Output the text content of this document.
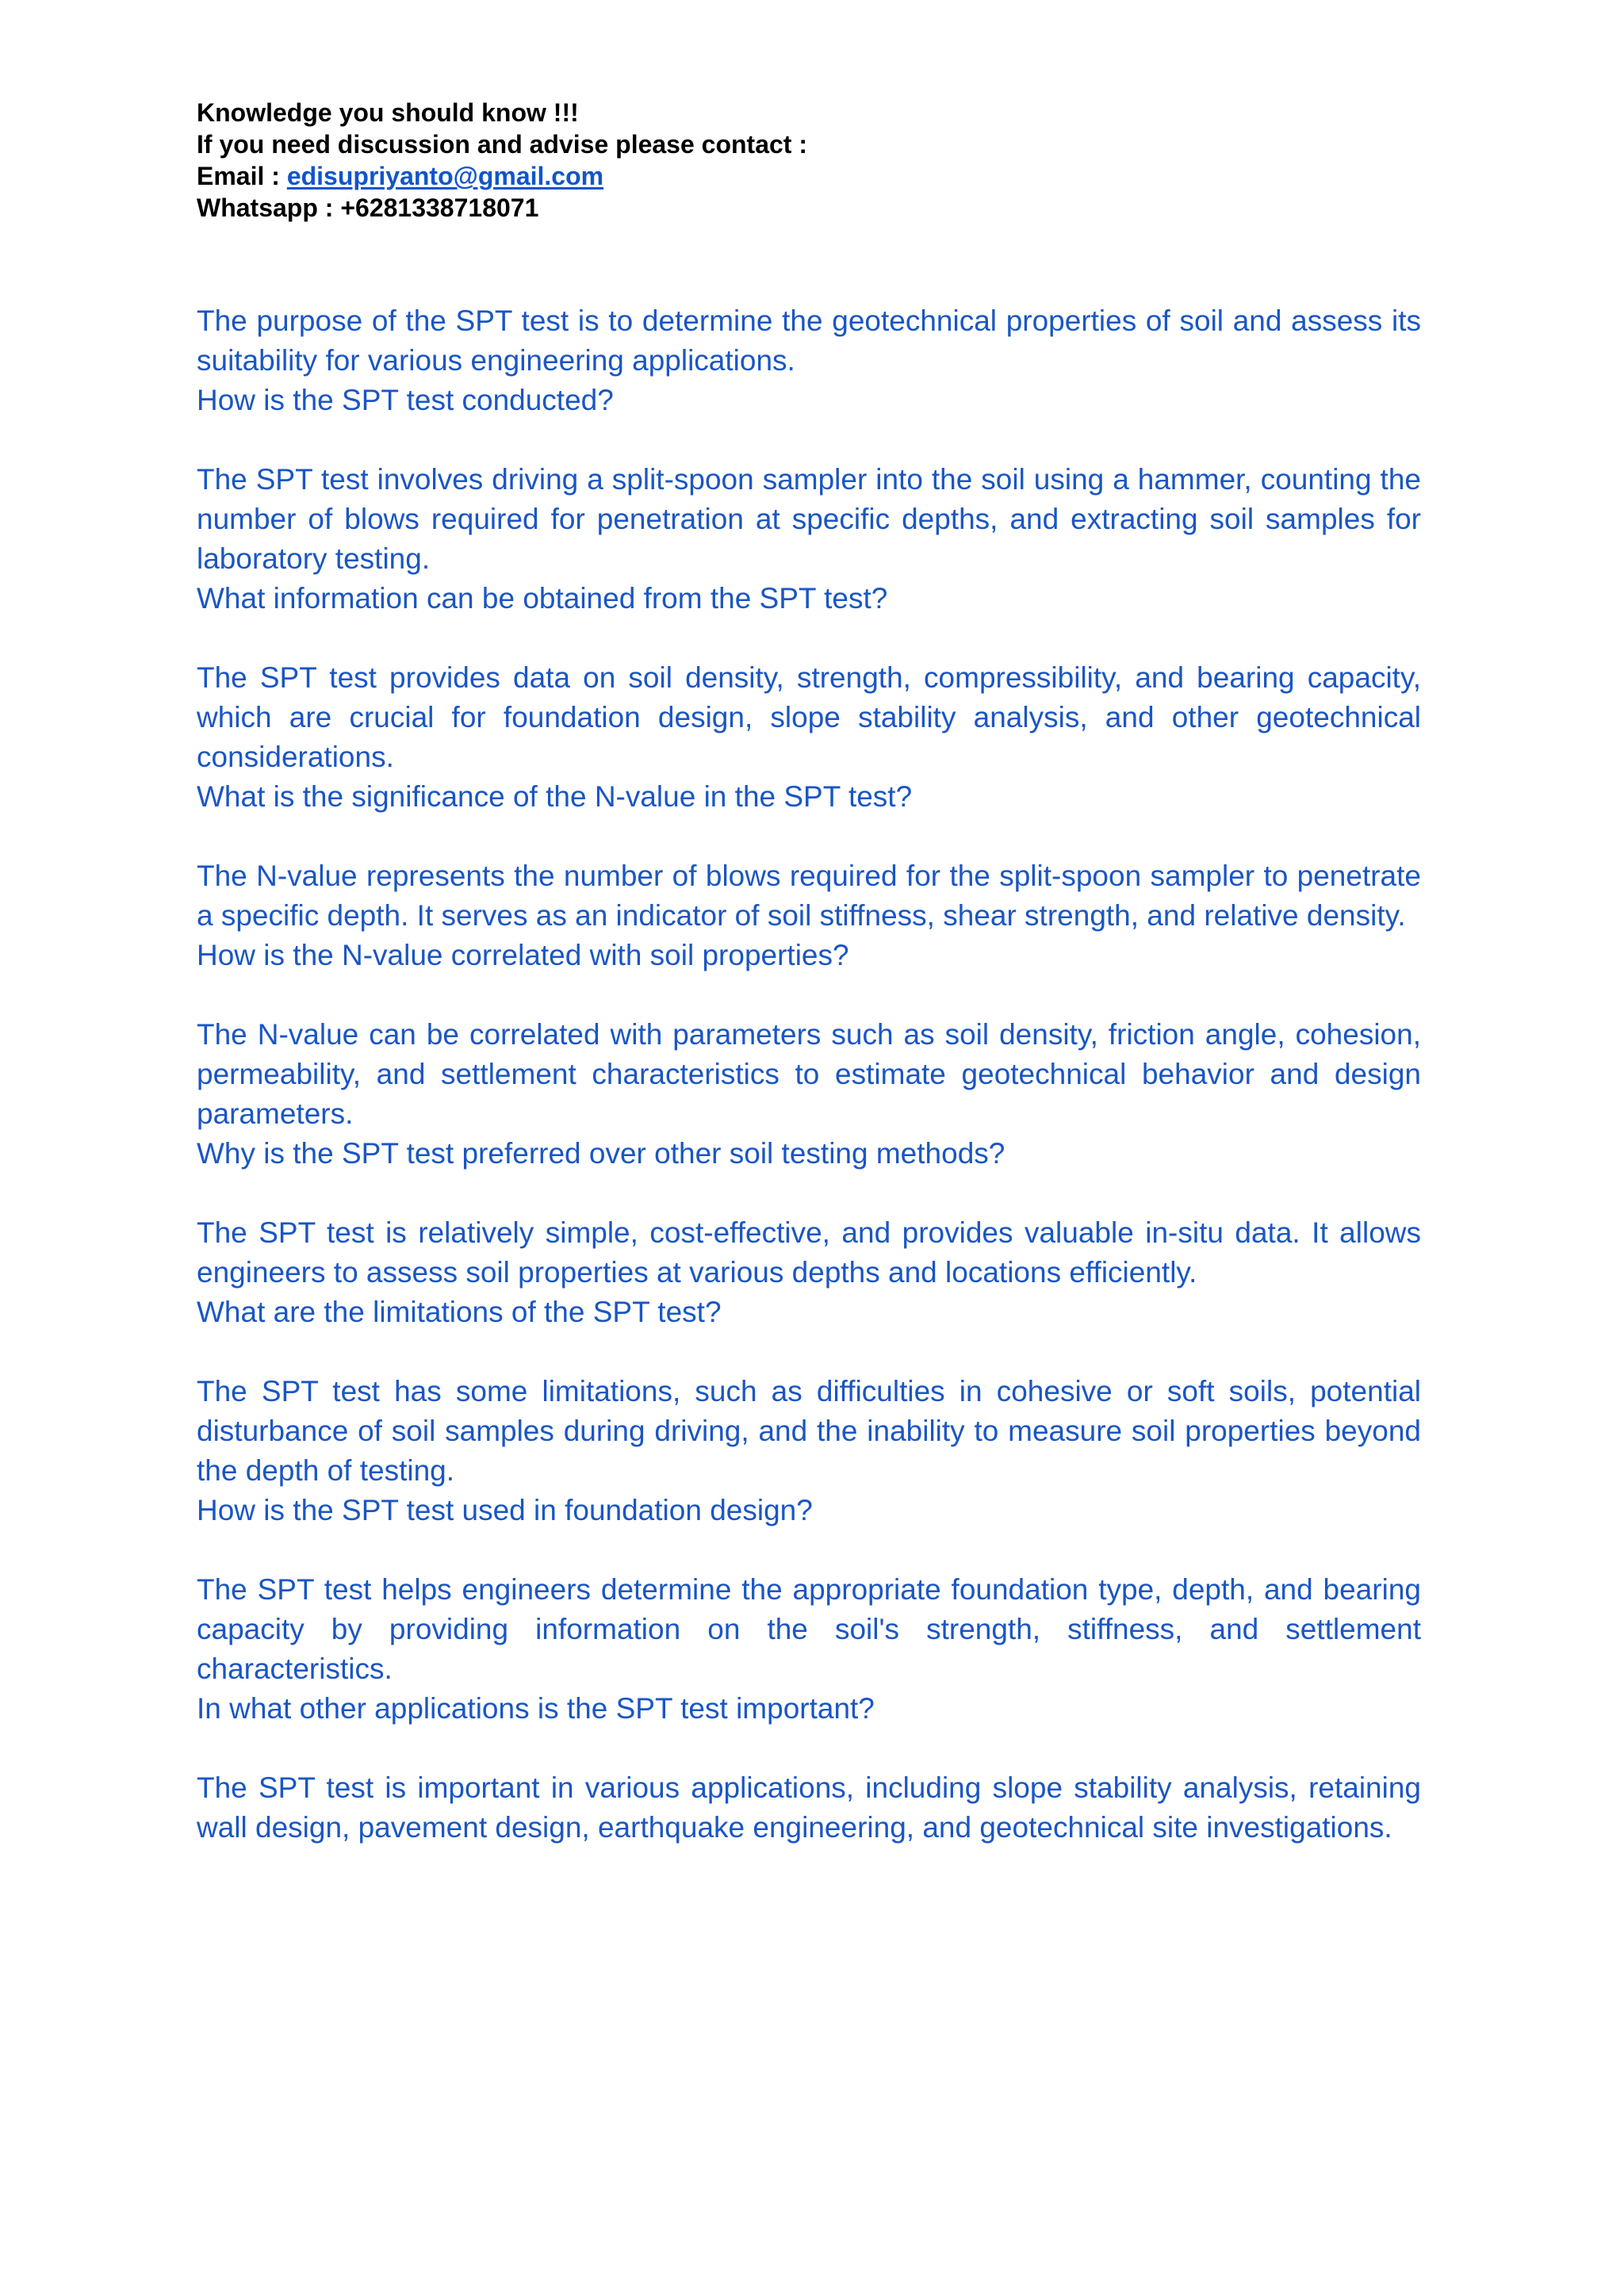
Knowledge you should know !!!
If you need discussion and advise please contact :
Email : edisupriyanto@gmail.com
Whatsapp : +6281338718071

The purpose of the SPT test is to determine the geotechnical properties of soil and assess its suitability for various engineering applications.

How is the SPT test conducted?

The SPT test involves driving a split-spoon sampler into the soil using a hammer, counting the number of blows required for penetration at specific depths, and extracting soil samples for laboratory testing.

What information can be obtained from the SPT test?

The SPT test provides data on soil density, strength, compressibility, and bearing capacity, which are crucial for foundation design, slope stability analysis, and other geotechnical considerations.

What is the significance of the N-value in the SPT test?

The N-value represents the number of blows required for the split-spoon sampler to penetrate a specific depth. It serves as an indicator of soil stiffness, shear strength, and relative density.

How is the N-value correlated with soil properties?

The N-value can be correlated with parameters such as soil density, friction angle, cohesion, permeability, and settlement characteristics to estimate geotechnical behavior and design parameters.

Why is the SPT test preferred over other soil testing methods?

The SPT test is relatively simple, cost-effective, and provides valuable in-situ data. It allows engineers to assess soil properties at various depths and locations efficiently.

What are the limitations of the SPT test?

The SPT test has some limitations, such as difficulties in cohesive or soft soils, potential disturbance of soil samples during driving, and the inability to measure soil properties beyond the depth of testing.

How is the SPT test used in foundation design?

The SPT test helps engineers determine the appropriate foundation type, depth, and bearing capacity by providing information on the soil's strength, stiffness, and settlement characteristics.

In what other applications is the SPT test important?

The SPT test is important in various applications, including slope stability analysis, retaining wall design, pavement design, earthquake engineering, and geotechnical site investigations.
